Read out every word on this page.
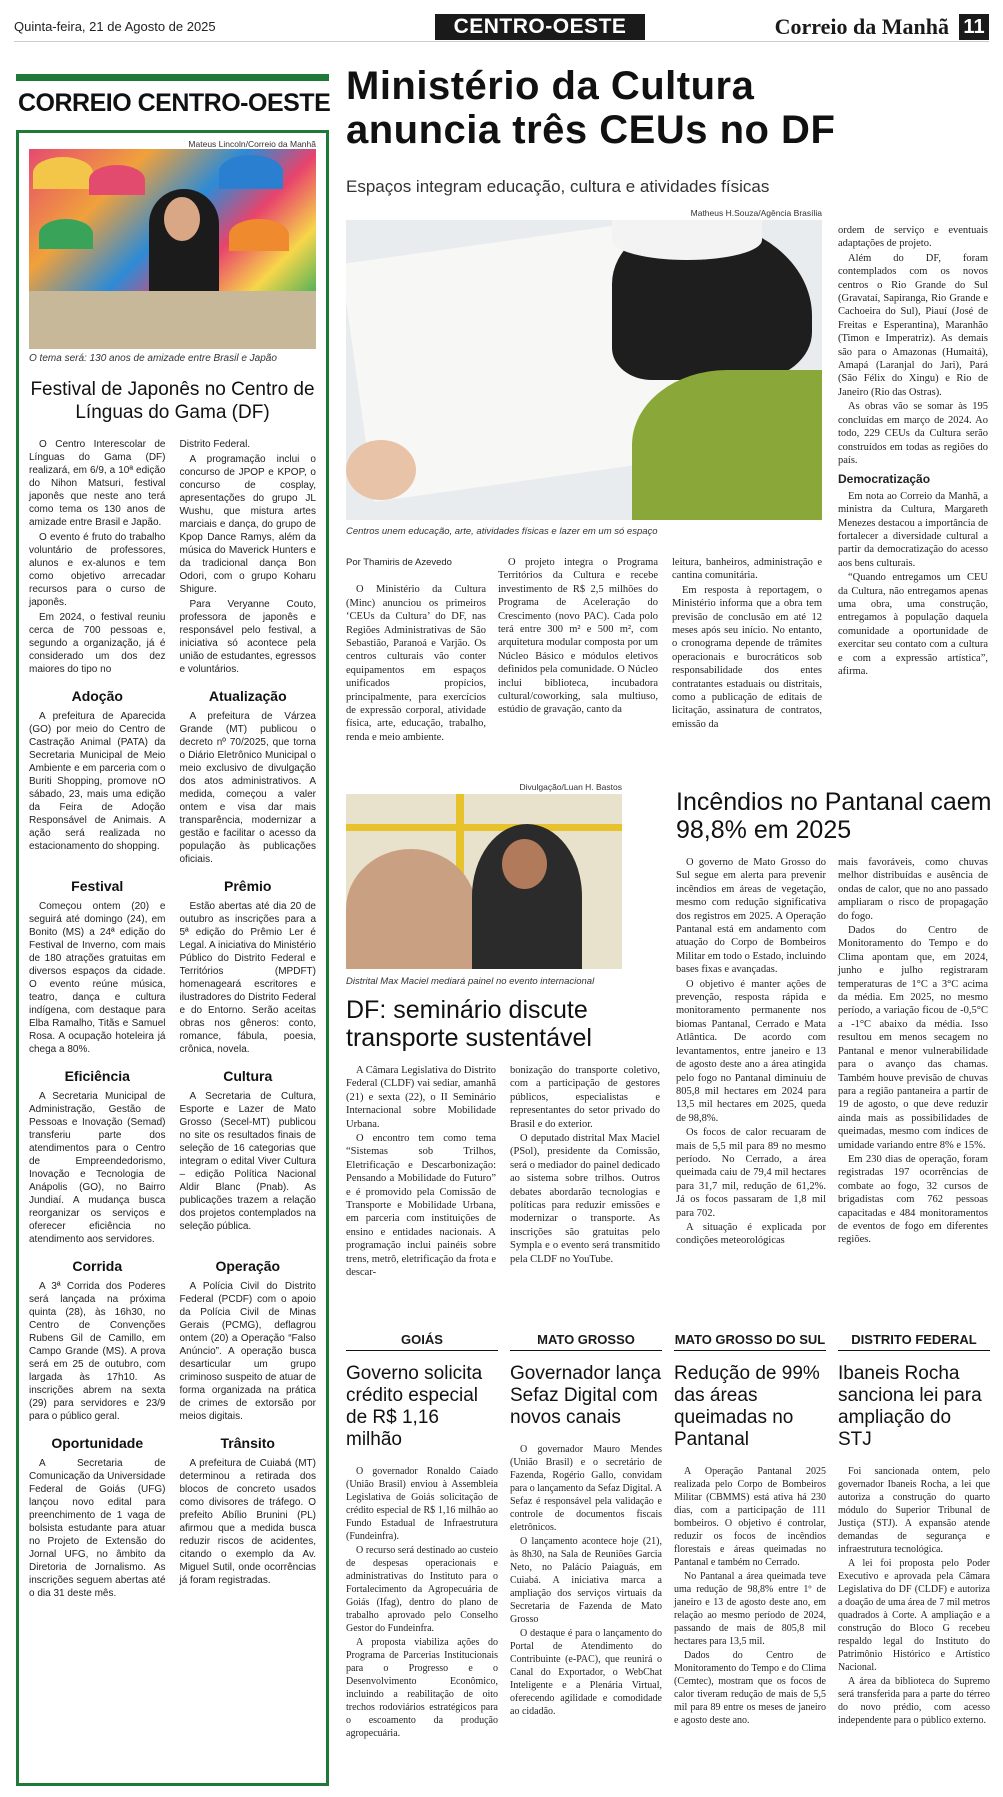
Quinta-feira, 21 de Agosto de 2025	CENTRO-OESTE	Correio da Manhã 11
CORREIO CENTRO-OESTE
Mateus Lincoln/Correio da Manhã
O tema será: 130 anos de amizade entre Brasil e Japão
Festival de Japonês no Centro de Línguas do Gama (DF)

O Centro Interescolar de Línguas do Gama (DF) realizará, em 6/9, a 10ª edição do Nihon Matsuri, festival japonês que neste ano terá como tema os 130 anos de amizade entre Brasil e Japão.

O evento é fruto do trabalho voluntário de professores, alunos e ex-alunos e tem como objetivo arrecadar recursos para o curso de japonês.

Em 2024, o festival reuniu cerca de 700 pessoas e, segundo a organização, já é considerado um dos dez maiores do tipo no

Distrito Federal.

A programação inclui o concurso de JPOP e KPOP, o concurso de cosplay, apresentações do grupo JL Wushu, que mistura artes marciais e dança, do grupo de Kpop Dance Ramys, além da música do Maverick Hunters e da tradicional dança Bon Odori, com o grupo Koharu Shigure.

Para Veryanne Couto, professora de japonês e responsável pelo festival, a iniciativa só acontece pela união de estudantes, egressos e voluntários.

Adoção

A prefeitura de Aparecida (GO) por meio do Centro de Castração Animal (PATA) da Secretaria Municipal de Meio Ambiente e em parceria com o Buriti Shopping, promove nO sábado, 23, mais uma edição da Feira de Adoção Responsável de Animais. A ação será realizada no estacionamento do shopping.

Atualização

A prefeitura de Várzea Grande (MT) publicou o decreto nº 70/2025, que torna o Diário Eletrônico Municipal o meio exclusivo de divulgação dos atos administrativos. A medida, começou a valer ontem e visa dar mais transparência, modernizar a gestão e facilitar o acesso da população às publicações oficiais.

Festival

Começou ontem (20) e seguirá até domingo (24), em Bonito (MS) a 24ª edição do Festival de Inverno, com mais de 180 atrações gratuitas em diversos espaços da cidade. O evento reúne música, teatro, dança e cultura indígena, com destaque para Elba Ramalho, Titãs e Samuel Rosa. A ocupação hoteleira já chega a 80%.

Prêmio

Estão abertas até dia 20 de outubro as inscrições para a 5ª edição do Prêmio Ler é Legal. A iniciativa do Ministério Público do Distrito Federal e Territórios (MPDFT) homenageará escritores e ilustradores do Distrito Federal e do Entorno. Serão aceitas obras nos gêneros: conto, romance, fábula, poesia, crônica, novela.

Eficiência

A Secretaria Municipal de Administração, Gestão de Pessoas e Inovação (Semad) transferiu parte dos atendimentos para o Centro de Empreendedorismo, Inovação e Tecnologia de Anápolis (GO), no Bairro Jundiaí. A mudança busca reorganizar os serviços e oferecer eficiência no atendimento aos servidores.

Cultura

A Secretaria de Cultura, Esporte e Lazer de Mato Grosso (Secel-MT) publicou no site os resultados finais de seleção de 16 categorias que integram o edital Viver Cultura – edição Política Nacional Aldir Blanc (Pnab). As publicações trazem a relação dos projetos contemplados na seleção pública.

Corrida

A 3ª Corrida dos Poderes será lançada na próxima quinta (28), às 16h30, no Centro de Convenções Rubens Gil de Camillo, em Campo Grande (MS). A prova será em 25 de outubro, com largada às 17h10. As inscrições abrem na sexta (29) para servidores e 23/9 para o público geral.

Operação

A Polícia Civil do Distrito Federal (PCDF) com o apoio da Polícia Civil de Minas Gerais (PCMG), deflagrou ontem (20) a Operação “Falso Anúncio”. A operação busca desarticular um grupo criminoso suspeito de atuar de forma organizada na prática de crimes de extorsão por meios digitais.

Oportunidade

A Secretaria de Comunicação da Universidade Federal de Goiás (UFG) lançou novo edital para preenchimento de 1 vaga de bolsista estudante para atuar no Projeto de Extensão do Jornal UFG, no âmbito da Diretoria de Jornalismo. As inscrições seguem abertas até o dia 31 deste mês.

Trânsito

A prefeitura de Cuiabá (MT) determinou a retirada dos blocos de concreto usados como divisores de tráfego. O prefeito Abílio Brunini (PL) afirmou que a medida busca reduzir riscos de acidentes, citando o exemplo da Av. Miguel Sutil, onde ocorrências já foram registradas.

Ministério da Cultura anuncia três CEUs no DF
Espaços integram educação, cultura e atividades físicas
Matheus H.Souza/Agência Brasília
Centros unem educação, arte, atividades físicas e lazer em um só espaço
Por Thamiris de Azevedo

O Ministério da Cultura (Minc) anunciou os primeiros ‘CEUs da Cultura’ do DF, nas Regiões Administrativas de São Sebastião, Paranoá e Varjão. Os centros culturais vão conter equipamentos em espaços unificados propícios, principalmente, para exercícios de expressão corporal, atividade física, arte, educação, trabalho, renda e meio ambiente.

O projeto integra o Programa Territórios da Cultura e recebe investimento de R$ 2,5 milhões do Programa de Aceleração do Crescimento (novo PAC). Cada polo terá entre 300 m² e 500 m², com arquitetura modular composta por um Núcleo Básico e módulos eletivos definidos pela comunidade. O Núcleo inclui biblioteca, incubadora cultural/coworking, sala multiuso, estúdio de gravação, canto da

leitura, banheiros, administração e cantina comunitária.

Em resposta à reportagem, o Ministério informa que a obra tem previsão de conclusão em até 12 meses após seu início. No entanto, o cronograma depende de trâmites operacionais e burocráticos sob responsabilidade dos entes contratantes estaduais ou distritais, como a publicação de editais de licitação, assinatura de contratos, emissão da

ordem de serviço e eventuais adaptações de projeto.

Além do DF, foram contemplados com os novos centros o Rio Grande do Sul (Gravataí, Sapiranga, Rio Grande e Cachoeira do Sul), Piauí (José de Freitas e Esperantina), Maranhão (Timon e Imperatriz). As demais são para o Amazonas (Humaitá), Amapá (Laranjal do Jari), Pará (São Félix do Xingu) e Rio de Janeiro (Rio das Ostras).

As obras vão se somar às 195 concluídas em março de 2024. Ao todo, 229 CEUs da Cultura serão construídos em todas as regiões do país.

Democratização

Em nota ao Correio da Manhã, a ministra da Cultura, Margareth Menezes destacou a importância de fortalecer a diversidade cultural a partir da democratização do acesso aos bens culturais.

“Quando entregamos um CEU da Cultura, não entregamos apenas uma obra, uma construção, entregamos à população daquela comunidade a oportunidade de exercitar seu contato com a cultura e com a expressão artística”, afirma.

Divulgação/Luan H. Bastos
Distrital Max Maciel mediará painel no evento internacional
DF: seminário discute transporte sustentável

A Câmara Legislativa do Distrito Federal (CLDF) vai sediar, amanhã (21) e sexta (22), o II Seminário Internacional sobre Mobilidade Urbana.

O encontro tem como tema “Sistemas sob Trilhos, Eletrificação e Descarbonização: Pensando a Mobilidade do Futuro” e é promovido pela Comissão de Transporte e Mobilidade Urbana, em parceria com instituições de ensino e entidades nacionais. A programação inclui painéis sobre trens, metrô, eletrificação da frota e descar-

bonização do transporte coletivo, com a participação de gestores públicos, especialistas e representantes do setor privado do Brasil e do exterior.

O deputado distrital Max Maciel (PSol), presidente da Comissão, será o mediador do painel dedicado ao sistema sobre trilhos. Outros debates abordarão tecnologias e políticas para reduzir emissões e modernizar o transporte. As inscrições são gratuitas pelo Sympla e o evento será transmitido pela CLDF no YouTube.

Incêndios no Pantanal caem 98,8% em 2025

O governo de Mato Grosso do Sul segue em alerta para prevenir incêndios em áreas de vegetação, mesmo com redução significativa dos registros em 2025. A Operação Pantanal está em andamento com atuação do Corpo de Bombeiros Militar em todo o Estado, incluindo bases fixas e avançadas.

O objetivo é manter ações de prevenção, resposta rápida e monitoramento permanente nos biomas Pantanal, Cerrado e Mata Atlântica. De acordo com levantamentos, entre janeiro e 13 de agosto deste ano a área atingida pelo fogo no Pantanal diminuiu de 805,8 mil hectares em 2024 para 13,5 mil hectares em 2025, queda de 98,8%.

Os focos de calor recuaram de mais de 5,5 mil para 89 no mesmo período. No Cerrado, a área queimada caiu de 79,4 mil hectares para 31,7 mil, redução de 61,2%. Já os focos passaram de 1,8 mil para 702.

A situação é explicada por condições meteorológicas

mais favoráveis, como chuvas melhor distribuídas e ausência de ondas de calor, que no ano passado ampliaram o risco de propagação do fogo.

Dados do Centro de Monitoramento do Tempo e do Clima apontam que, em 2024, junho e julho registraram temperaturas de 1°C a 3°C acima da média. Em 2025, no mesmo período, a variação ficou de -0,5°C a -1°C abaixo da média. Isso resultou em menos secagem no Pantanal e menor vulnerabilidade para o avanço das chamas. Também houve previsão de chuvas para a região pantaneira a partir de 19 de agosto, o que deve reduzir ainda mais as possibilidades de queimadas, mesmo com índices de umidade variando entre 8% e 15%.

Em 230 dias de operação, foram registradas 197 ocorrências de combate ao fogo, 32 cursos de brigadistas com 762 pessoas capacitadas e 484 monitoramentos de eventos de fogo em diferentes regiões.

GOIÁS
Governo solicita crédito especial de R$ 1,16 milhão

O governador Ronaldo Caiado (União Brasil) enviou à Assembleia Legislativa de Goiás solicitação de crédito especial de R$ 1,16 milhão ao Fundo Estadual de Infraestrutura (Fundeinfra).

O recurso será destinado ao custeio de despesas operacionais e administrativas do Instituto para o Fortalecimento da Agropecuária de Goiás (Ifag), dentro do plano de trabalho aprovado pelo Conselho Gestor do Fundeinfra.

A proposta viabiliza ações do Programa de Parcerias Institucionais para o Progresso e o Desenvolvimento Econômico, incluindo a reabilitação de oito trechos rodoviários estratégicos para o escoamento da produção agropecuária.

MATO GROSSO
Governador lança Sefaz Digital com novos canais

O governador Mauro Mendes (União Brasil) e o secretário de Fazenda, Rogério Gallo, convidam para o lançamento da Sefaz Digital. A Sefaz é responsável pela validação e controle de documentos fiscais eletrônicos.

O lançamento acontece hoje (21), às 8h30, na Sala de Reuniões Garcia Neto, no Palácio Paiaguás, em Cuiabá. A iniciativa marca a ampliação dos serviços virtuais da Secretaria de Fazenda de Mato Grosso

O destaque é para o lançamento do Portal de Atendimento do Contribuinte (e-PAC), que reunirá o Canal do Exportador, o WebChat Inteligente e a Plenária Virtual, oferecendo agilidade e comodidade ao cidadão.

MATO GROSSO DO SUL
Redução de 99% das áreas queimadas no Pantanal

A Operação Pantanal 2025 realizada pelo Corpo de Bombeiros Militar (CBMMS) está ativa há 230 dias, com a participação de 111 bombeiros. O objetivo é controlar, reduzir os focos de incêndios florestais e áreas queimadas no Pantanal e também no Cerrado.

No Pantanal a área queimada teve uma redução de 98,8% entre 1º de janeiro e 13 de agosto deste ano, em relação ao mesmo período de 2024, passando de mais de 805,8 mil hectares para 13,5 mil.

Dados do Centro de Monitoramento do Tempo e do Clima (Cemtec), mostram que os focos de calor tiveram redução de mais de 5,5 mil para 89 entre os meses de janeiro e agosto deste ano.

DISTRITO FEDERAL
Ibaneis Rocha sanciona lei para ampliação do STJ

Foi sancionada ontem, pelo governador Ibaneis Rocha, a lei que autoriza a construção do quarto módulo do Superior Tribunal de Justiça (STJ). A expansão atende demandas de segurança e infraestrutura tecnológica.

A lei foi proposta pelo Poder Executivo e aprovada pela Câmara Legislativa do DF (CLDF) e autoriza a doação de uma área de 7 mil metros quadrados à Corte. A ampliação e a construção do Bloco G recebeu respaldo legal do Instituto do Patrimônio Histórico e Artístico Nacional.

A área da biblioteca do Supremo será transferida para a parte do térreo do novo prédio, com acesso independente para o público externo.
